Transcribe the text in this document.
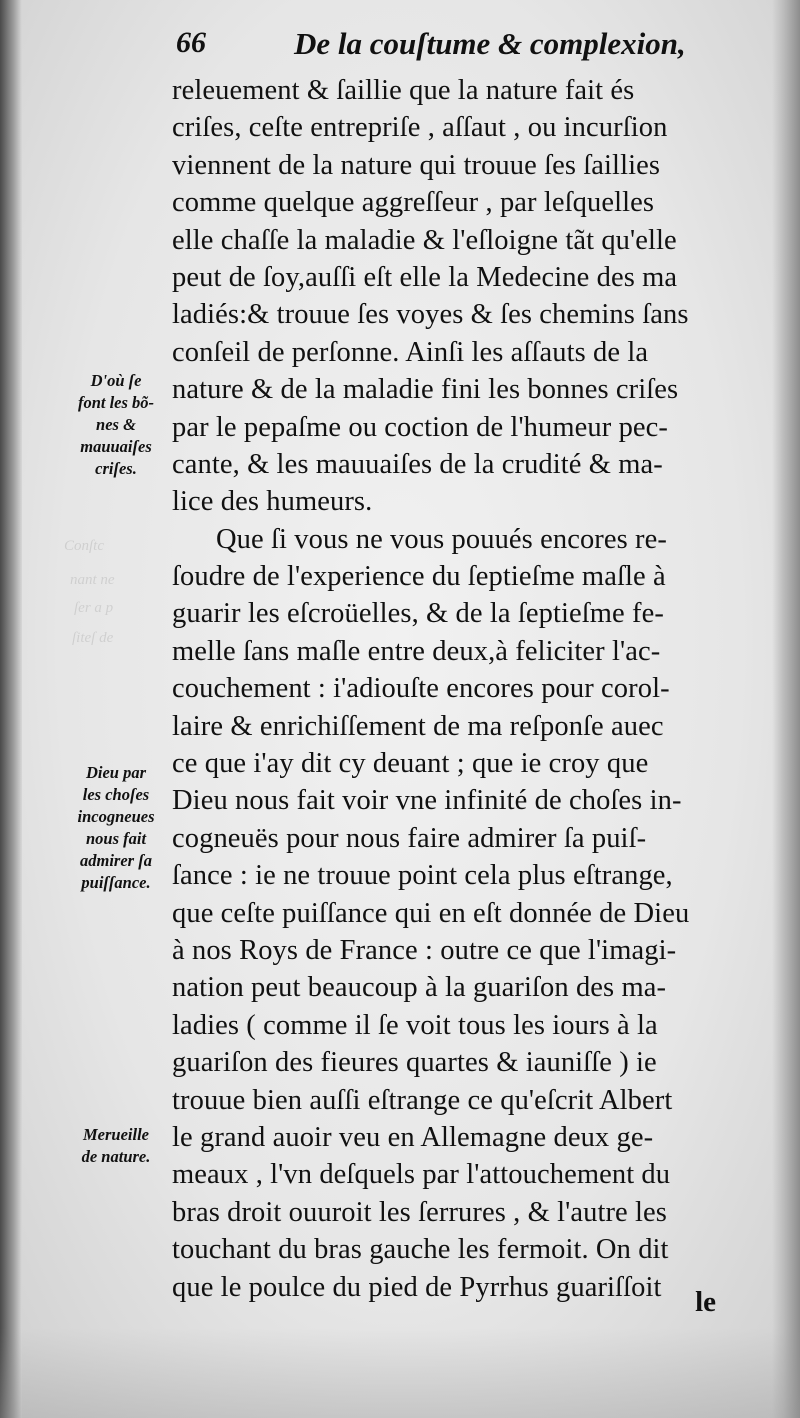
Conſtc
nant ne
ſer a p
ſiteſ de
66	De la couſtume & complexion,
D'où ſe
font les bõ-
nes &
mauuaiſes
criſes.
Dieu par
les choſes
incogneues
nous fait
admirer ſa
puiſſance.
Merueille
de nature.
releuement & ſaillie que la nature fait és
criſes, ceſte entrepriſe , aſſaut , ou incurſion
viennent de la nature qui trouue ſes ſaillies
comme quelque aggreſſeur , par leſquelles
elle chaſſe la maladie & l'eſloigne tãt qu'elle
peut de ſoy,auſſi eſt elle la Medecine des ma
ladiés:& trouue ſes voyes & ſes chemins ſans
conſeil de perſonne. Ainſi les aſſauts de la
nature & de la maladie fini les bonnes criſes
par le pepaſme ou coction de l'humeur pec-
cante, & les mauuaiſes de la crudité & ma-
lice des humeurs.
Que ſi vous ne vous pouués encores re-
ſoudre de l'experience du ſeptieſme maſle à
guarir les eſcroüelles, & de la ſeptieſme fe-
melle ſans maſle entre deux,à feliciter l'ac-
couchement : i'adiouſte encores pour corol-
laire & enrichiſſement de ma reſponſe auec
ce que i'ay dit cy deuant ; que ie croy que
Dieu nous fait voir vne infinité de choſes in-
cogneuës pour nous faire admirer ſa puiſ-
ſance : ie ne trouue point cela plus eſtrange,
que ceſte puiſſance qui en eſt donnée de Dieu
à nos Roys de France : outre ce que l'imagi-
nation peut beaucoup à la guariſon des ma-
ladies ( comme il ſe voit tous les iours à la
guariſon des fieures quartes & iauniſſe ) ie
trouue bien auſſi eſtrange ce qu'eſcrit Albert
le grand auoir veu en Allemagne deux ge-
meaux , l'vn deſquels par l'attouchement du
bras droit ouuroit les ſerrures , & l'autre les
touchant du bras gauche les fermoit. On dit
que le poulce du pied de Pyrrhus guariſſoit	le
